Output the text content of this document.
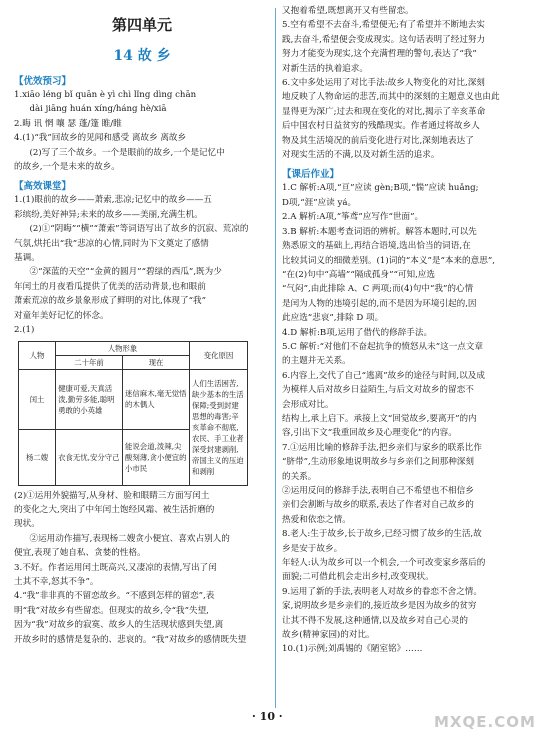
第四单元
14 故 乡
【优效预习】

1.xiāo léng bǐ quān è yì chì lǐng dìng chān

dài jiāng huán xíng/háng hè/xiā

2.晦 讯 惘 嚷 瑟 蓬/篷 睢/睢

4.(1)“我”回故乡的见闻和感受 离故乡 离故乡

(2)写了三个故乡。一个是眼前的故乡,一个是记忆中

的故乡,一个是未来的故乡。

【高效课堂】

1.(1)眼前的故乡——萧索,悲凉;记忆中的故乡——五

彩缤纷,美好神异;未来的故乡——美丽,充满生机。

(2)①“阴晦”“横”“萧索”等词语写出了故乡的沉寂、荒凉的

气氛,烘托出“我”悲凉的心情,同时为下文奠定了感情

基调。

②“深蓝的天空”“金黄的圆月”“碧绿的西瓜”,既为少

年闰土的月夜看瓜提供了优美的活动背景,也和眼前

萧索荒凉的故乡景象形成了鲜明的对比,体现了“我”

对童年美好记忆的怀念。

2.(1)

人物	人物形象		变化原因
	二十年前	现在	
闰土	健康可爱,天真活泼,勤劳多能,聪明勇敢的小英雄	迷信麻木,毫无觉悟的木偶人	人们生活困苦,缺少基本的生活保障;受到封建思想的毒害;辛亥革命不彻底,农民、手工业者深受封建剥削,帝国主义的压迫和剥削
杨二嫂	衣食无忧,安分守己	能说会道,泼辣,尖酸刻薄,贪小便宜的小市民	

(2)①运用外貌描写,从身材、脸和眼睛三方面写闰土

的变化之大,突出了中年闰土饱经风霜、被生活折磨的

现状。

②运用动作描写,表现杨二嫂贪小便宜、喜欢占别人的

便宜,表现了她自私、贪婪的性格。

3.不好。作者运用闰土既高兴,又凄凉的表情,写出了闰

土其不幸,怒其不争”。

4.“我”非非真的不留恋故乡。“不感到怎样的留恋”,表

明“我”对故乡有些留恋。但现实的故乡,令“我”失望,

因为“我”对故乡的寂寞、故乡人的生活现状感到失望,离

开故乡时的感情是复杂的、悲哀的。“我”对故乡的感情既失望

又抱着希望,既想离开又有些留恋。

5.空有希望不去奋斗,希望便无;有了希望并不断地去实

践,去奋斗,希望便会变成现实。这句话表明了经过努力

努力才能变为现实,这个充满哲理的警句,表达了“我”

对新生活的执着追求。

6.文中多处运用了对比手法:故乡人物变化的对比,深刻

地反映了人物命运的悲苦,而其中的深刻的主题意义也由此

显得更为深广;过去和现在变化的对比,揭示了辛亥革命

后中国农村日益贫穷的残酷现实。作者通过将故乡人

物及其生活境况的前后变化进行对比,深刻地表达了

对现实生活的不满,以及对新生活的追求。

【课后作业】

1.C 解析:A项,“亘”应读 gèn;B项,“惴”应读 huǎng;

D项,“涯”应读 yá。

2.A 解析:A项,“筝鸢”应写作“世面”。

3.B 解析:本题考查词语的辨析。解答本题时,可以先

熟悉原文的基础上,再结合语境,选出恰当的词语,在

比较其词义的细微差别。(1)词的“本义”是“本来的意思”,

“在(2)句中“高墙”“隔成孤身”“可知,应选

“气闷”,由此排除 A、C 两项;而(4)句中“我”的心情

是闰为人物的违境引起的,而不是因为环境引起的,因

此应选“悲哀”,排除 D 项。

4.D 解析:B项,运用了借代的修辞手法。

5.C 解析:“对他们不奋起抗争的愤怒从未”这一点文章

的主题并无关系。

6.内容上,交代了自己“逃离”故乡的途径与时间,以及成

为模样人后对故乡日益陌生,与后文对故乡的留恋不

会形成对比。

结构上,承上启下。承接上文“回觉故乡,要离开”的内

容,引出下文“我重回故乡及心理变化”的内容。

7.①运用比喻的修辞手法,把乡亲们与家乡的联系比作

“脐带”,生动形象地说明故乡与乡亲们之间那种深刻

的关系。

②运用反问的修辞手法,表明自己不希望也不相信乡

亲们会割断与故乡的联系,表达了作者对自己故乡的

热爱和依恋之情。

8.老人:生于故乡,长于故乡,已经习惯了故乡的生活,故

乡是安于故乡。

年轻人:认为故乡可以一个机会,一个可改变家乡落后的

面貌;二可借此机会走出乡村,改变现状。

9.运用了新的手法,表明老人对故乡的眷恋不舍之情。

家,说明故乡是乡亲们的,接近故乡是因为故乡的贫穷

让其不得不发展,这种通情,以及故乡对自己心灵的

故乡(精神家园)的对比。

10.(1)示例;刘禹锡的《陋室铭》……

· 10 ·	MXQE.COM
